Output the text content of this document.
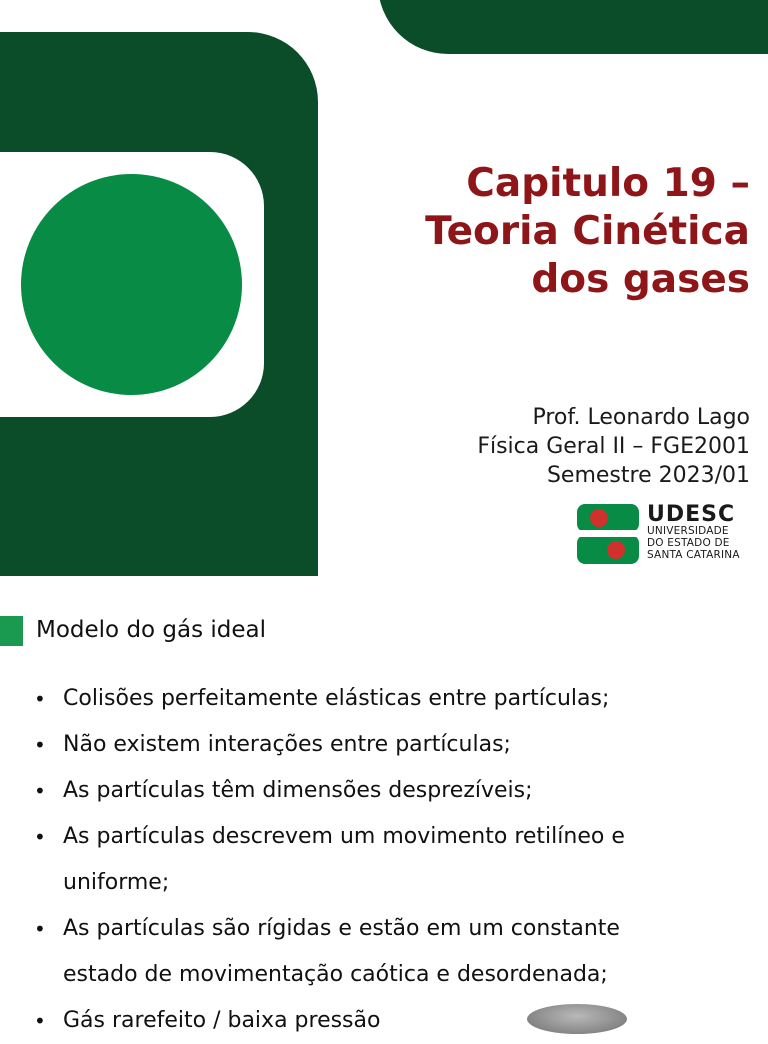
Capitulo 19 –
Teoria Cinética
dos gases
Prof. Leonardo Lago
Física Geral II – FGE2001
Semestre 2023/01
UDESC
UNIVERSIDADE
DO ESTADO DE
SANTA CATARINA
Modelo do gás ideal
• Colisões perfeitamente elásticas entre partículas;
• Não existem interações entre partículas;
• As partículas têm dimensões desprezíveis;
• As partículas descrevem um movimento retilíneo e
uniforme;
• As partículas são rígidas e estão em um constante
estado de movimentação caótica e desordenada;
• Gás rarefeito / baixa pressão
